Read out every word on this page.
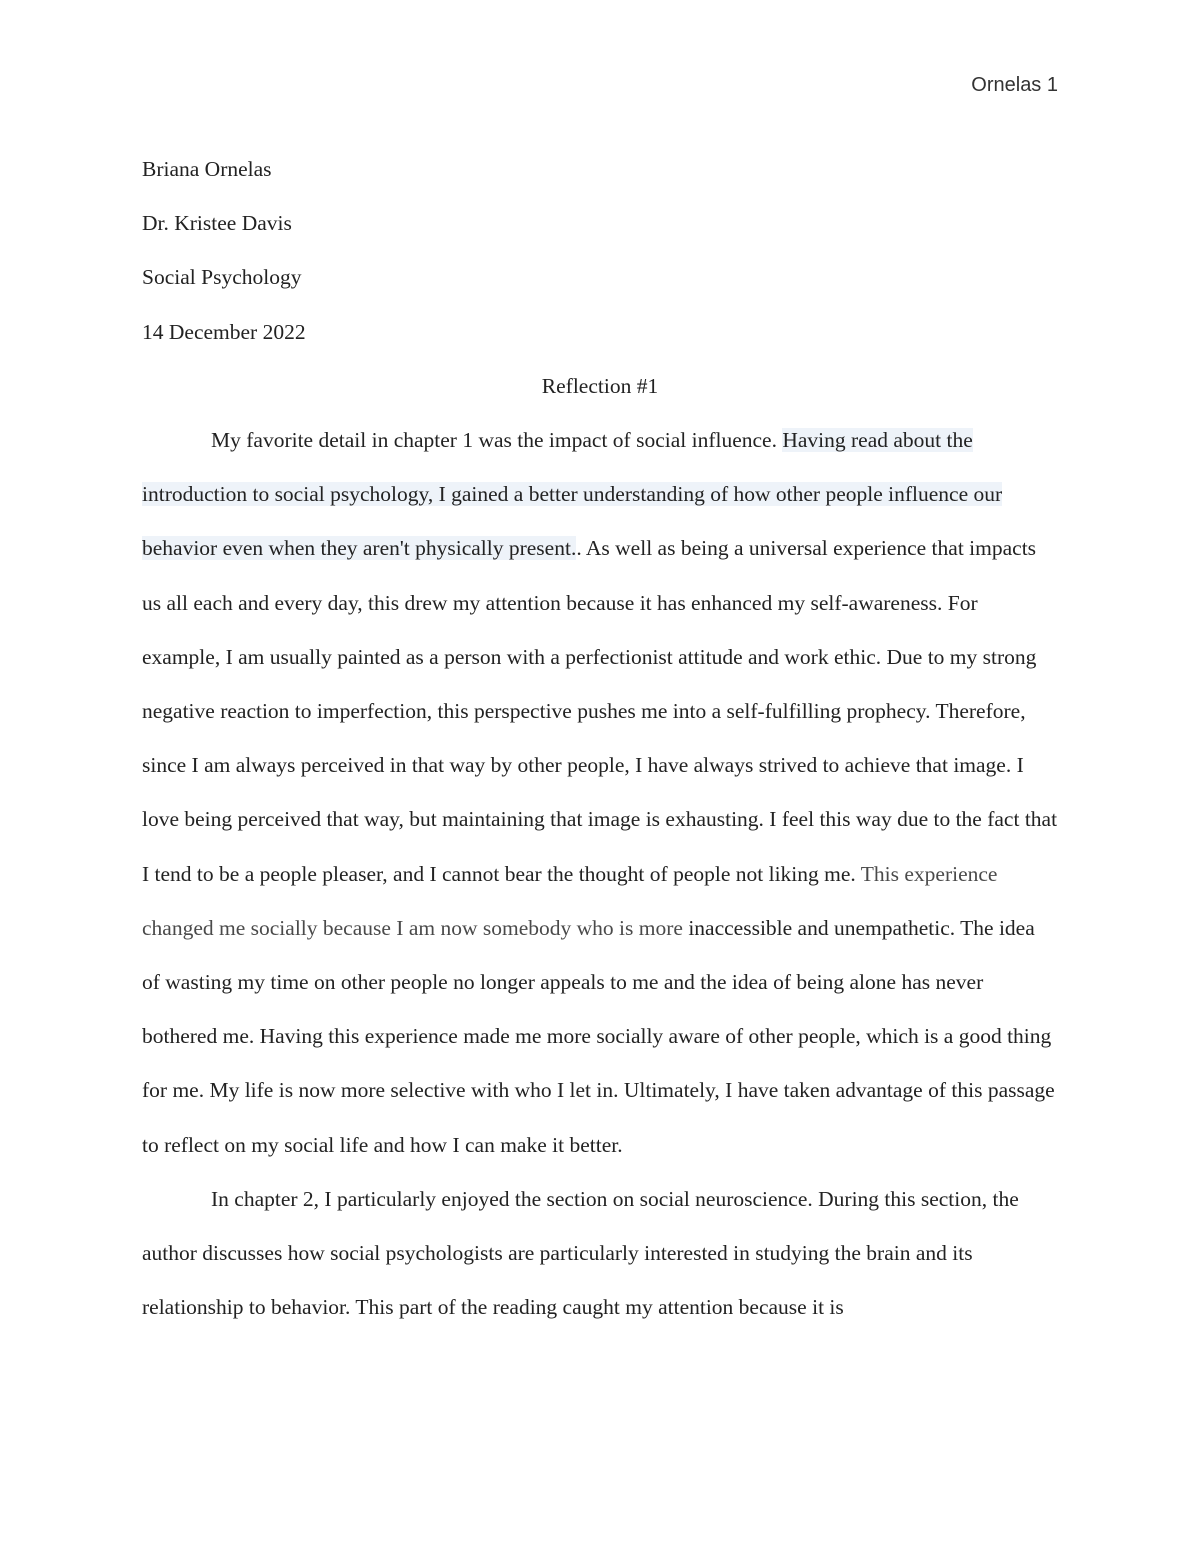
Ornelas 1

Briana Ornelas

Dr. Kristee Davis

Social Psychology

14 December 2022

Reflection #1

My favorite detail in chapter 1 was the impact of social influence. Having read about the introduction to social psychology, I gained a better understanding of how other people influence our behavior even when they aren't physically present.. As well as being a universal experience that impacts us all each and every day, this drew my attention because it has enhanced my self-awareness. For example, I am usually painted as a person with a perfectionist attitude and work ethic. Due to my strong negative reaction to imperfection, this perspective pushes me into a self-fulfilling prophecy. Therefore, since I am always perceived in that way by other people, I have always strived to achieve that image. I love being perceived that way, but maintaining that image is exhausting. I feel this way due to the fact that I tend to be a people pleaser, and I cannot bear the thought of people not liking me. This experience changed me socially because I am now somebody who is more inaccessible and unempathetic. The idea of wasting my time on other people no longer appeals to me and the idea of being alone has never bothered me. Having this experience made me more socially aware of other people, which is a good thing for me. My life is now more selective with who I let in. Ultimately, I have taken advantage of this passage to reflect on my social life and how I can make it better.

In chapter 2, I particularly enjoyed the section on social neuroscience. During this section, the author discusses how social psychologists are particularly interested in studying the brain and its relationship to behavior. This part of the reading caught my attention because it is
